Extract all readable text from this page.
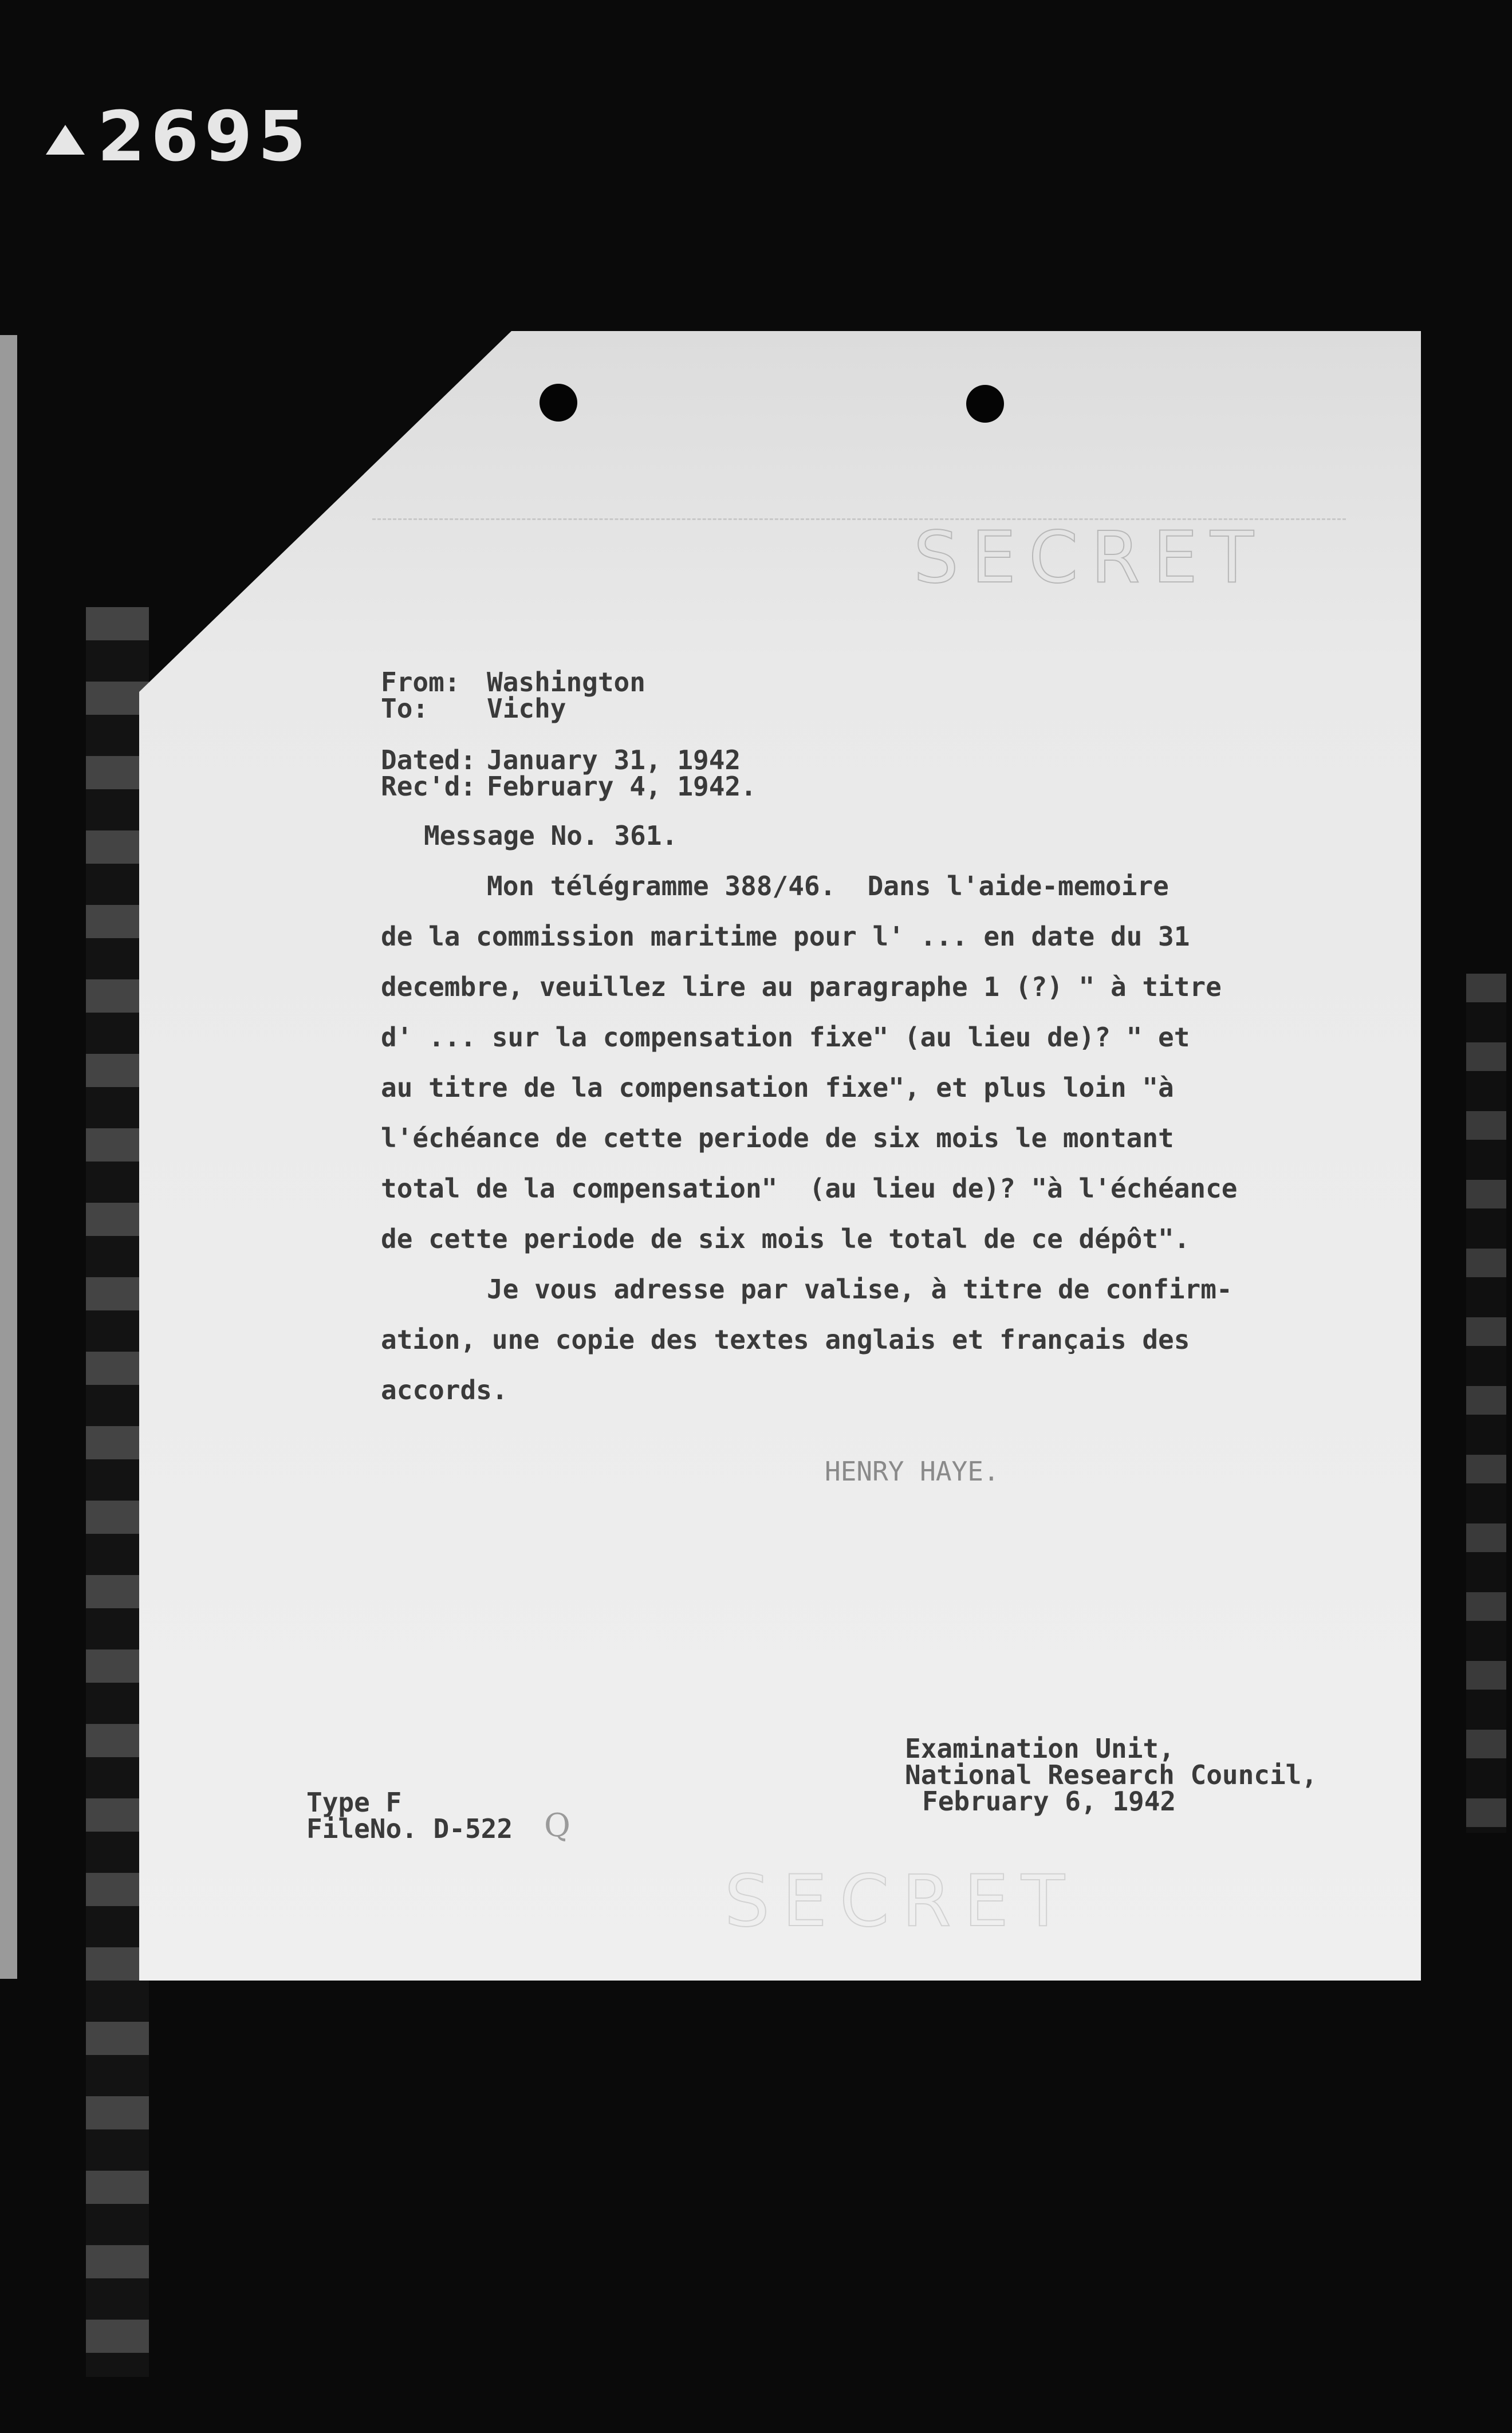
2695
SECRET
From: Washington
To: Vichy
Dated: January 31, 1942
Rec'd: February 4, 1942.
Message No. 361.
Mon télégramme 388/46.  Dans l'aide-memoire
de la commission maritime pour l' ... en date du 31
decembre, veuillez lire au paragraphe 1 (?) " à titre
d' ... sur la compensation fixe" (au lieu de)? " et
au titre de la compensation fixe", et plus loin "à
l'échéance de cette periode de six mois le montant
total de la compensation"  (au lieu de)? "à l'échéance
de cette periode de six mois le total de ce dépôt".
Je vous adresse par valise, à titre de confirm-
ation, une copie des textes anglais et français des
accords.
HENRY HAYE.
Examination Unit,
National Research Council,
February 6, 1942
Type F
FileNo. D-522 Q
SECRET
